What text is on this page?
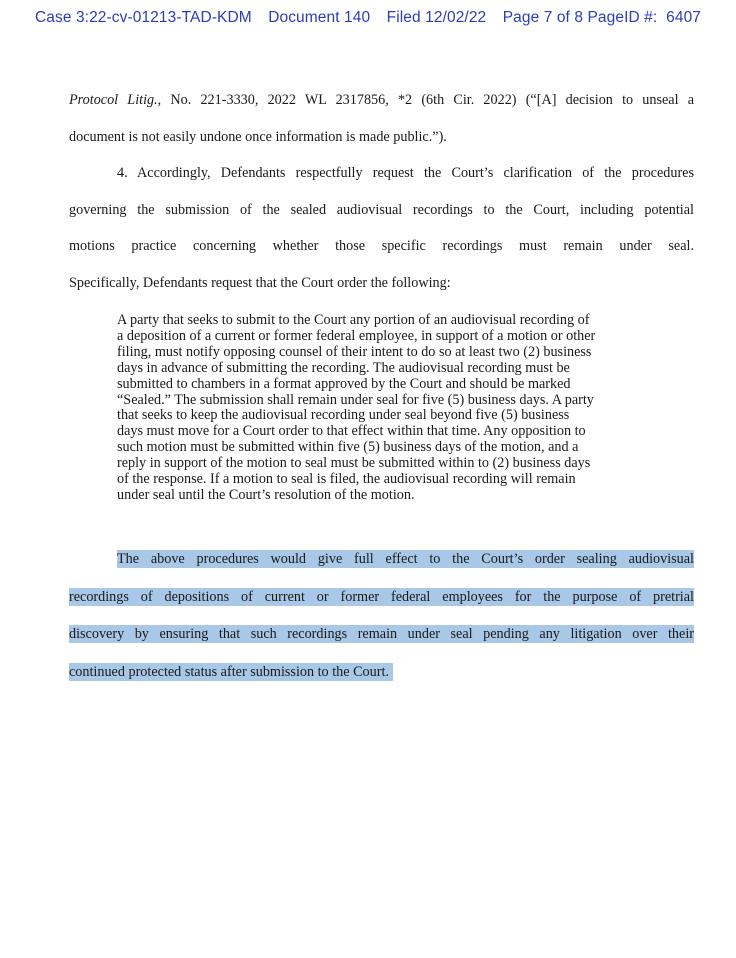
Case 3:22-cv-01213-TAD-KDM Document 140 Filed 12/02/22 Page 7 of 8 PageID #: 6407
Protocol Litig., No. 221-3330, 2022 WL 2317856, *2 (6th Cir. 2022) (“[A] decision to unseal a
document is not easily undone once information is made public.”).
4. Accordingly, Defendants respectfully request the Court’s clarification of the procedures
governing the submission of the sealed audiovisual recordings to the Court, including potential
motions practice concerning whether those specific recordings must remain under seal.
Specifically, Defendants request that the Court order the following:
A party that seeks to submit to the Court any portion of an audiovisual recording of
a deposition of a current or former federal employee, in support of a motion or other
filing, must notify opposing counsel of their intent to do so at least two (2) business
days in advance of submitting the recording. The audiovisual recording must be
submitted to chambers in a format approved by the Court and should be marked
“Sealed.” The submission shall remain under seal for five (5) business days. A party
that seeks to keep the audiovisual recording under seal beyond five (5) business
days must move for a Court order to that effect within that time. Any opposition to
such motion must be submitted within five (5) business days of the motion, and a
reply in support of the motion to seal must be submitted within to (2) business days
of the response. If a motion to seal is filed, the audiovisual recording will remain
under seal until the Court’s resolution of the motion.
The above procedures would give full effect to the Court’s order sealing audiovisual
recordings of depositions of current or former federal employees for the purpose of pretrial
discovery by ensuring that such recordings remain under seal pending any litigation over their
continued protected status after submission to the Court.
